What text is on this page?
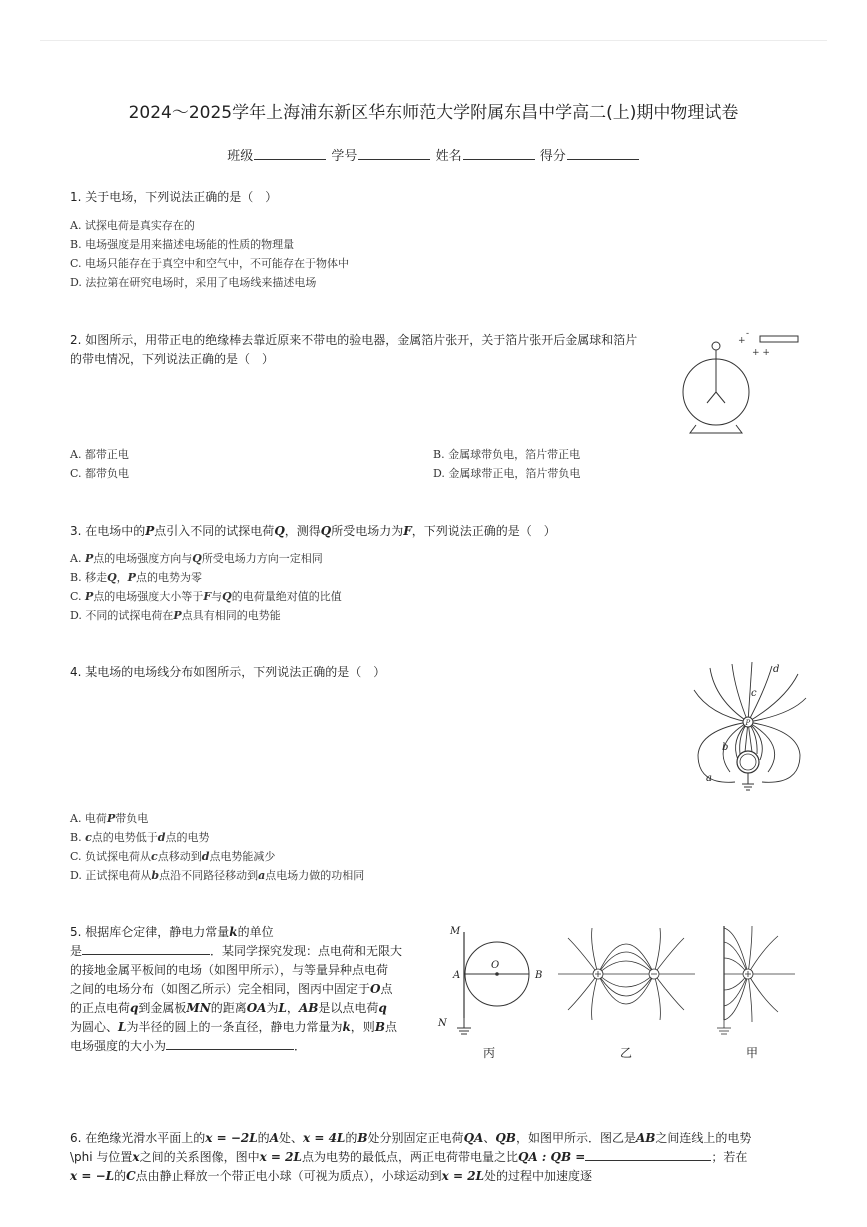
2024～2025学年上海浦东新区华东师范大学附属东昌中学高二(上)期中物理试卷
班级	学号	姓名	得分
1. 关于电场，下列说法正确的是（　）
A. 试探电荷是真实存在的
B. 电场强度是用来描述电场能的性质的物理量
C. 电场只能存在于真空中和空气中，不可能存在于物体中
D. 法拉第在研究电场时，采用了电场线来描述电场
2. 如图所示，用带正电的绝缘棒去靠近原来不带电的验电器，金属箔片张开，关于箔片张开后金属球和箔片
的带电情况，下列说法正确的是（　）
+
-
+ +
A. 都带正电	B. 金属球带负电，箔片带正电
C. 都带负电	D. 金属球带正电，箔片带负电
3. 在电场中的P点引入不同的试探电荷Q，测得Q所受电场力为F，下列说法正确的是（　）
A. P点的电场强度方向与Q所受电场力方向一定相同
B. 移走Q，P点的电势为零
C. P点的电场强度大小等于F与Q的电荷量绝对值的比值
D. 不同的试探电荷在P点具有相同的电势能
4. 某电场的电场线分布如图所示，下列说法正确的是（　）
P
a
b
c
d
A. 电荷P带负电
B. c点的电势低于d点的电势
C. 负试探电荷从c点移动到d点电势能减少
D. 正试探电荷从b点沿不同路径移动到a点电场力做的功相同
5. 根据库仑定律，静电力常量k的单位
是	．某同学探究发现：点电荷和无限大
的接地金属平板间的电场（如图甲所示），与等量异种点电荷
之间的电场分布（如图乙所示）完全相同，图丙中固定于O点
的正点电荷q到金属板MN的距离OA为L，AB是以点电荷q
为圆心、L为半径的圆上的一条直径，静电力常量为k，则B点
电场强度的大小为	．
M
N
A
O
B
丙	乙	甲
6. 在绝缘光滑水平面上的x = −2L的A处、x = 4L的B处分别固定正电荷QA、QB，如图甲所示．图乙是AB之间连线上的电势
\phi 与位置x之间的关系图像，图中x = 2L点为电势的最低点，两正电荷带电量之比QA : QB =	；若在
x = −L的C点由静止释放一个带正电小球（可视为质点），小球运动到x = 2L处的过程中加速度逐
